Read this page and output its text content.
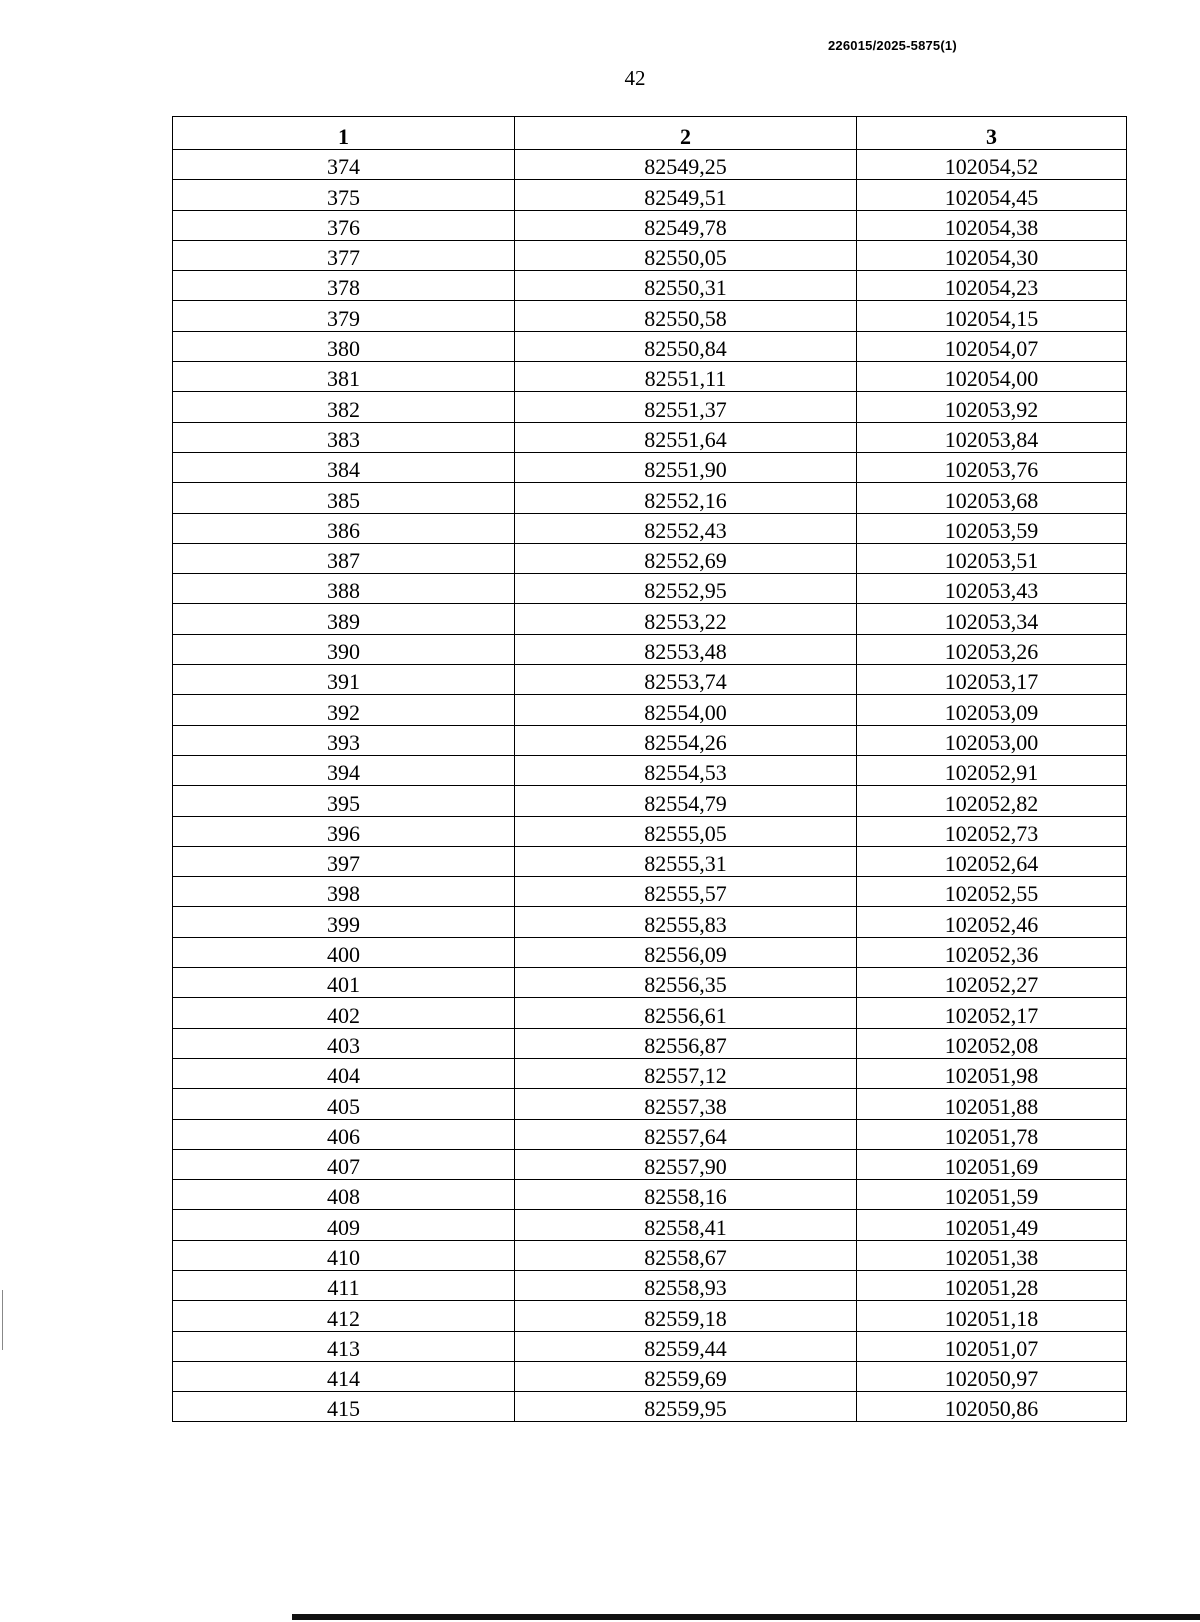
226015/2025-5875(1)
42
1	2	3
374	82549,25	102054,52
375	82549,51	102054,45
376	82549,78	102054,38
377	82550,05	102054,30
378	82550,31	102054,23
379	82550,58	102054,15
380	82550,84	102054,07
381	82551,11	102054,00
382	82551,37	102053,92
383	82551,64	102053,84
384	82551,90	102053,76
385	82552,16	102053,68
386	82552,43	102053,59
387	82552,69	102053,51
388	82552,95	102053,43
389	82553,22	102053,34
390	82553,48	102053,26
391	82553,74	102053,17
392	82554,00	102053,09
393	82554,26	102053,00
394	82554,53	102052,91
395	82554,79	102052,82
396	82555,05	102052,73
397	82555,31	102052,64
398	82555,57	102052,55
399	82555,83	102052,46
400	82556,09	102052,36
401	82556,35	102052,27
402	82556,61	102052,17
403	82556,87	102052,08
404	82557,12	102051,98
405	82557,38	102051,88
406	82557,64	102051,78
407	82557,90	102051,69
408	82558,16	102051,59
409	82558,41	102051,49
410	82558,67	102051,38
411	82558,93	102051,28
412	82559,18	102051,18
413	82559,44	102051,07
414	82559,69	102050,97
415	82559,95	102050,86
